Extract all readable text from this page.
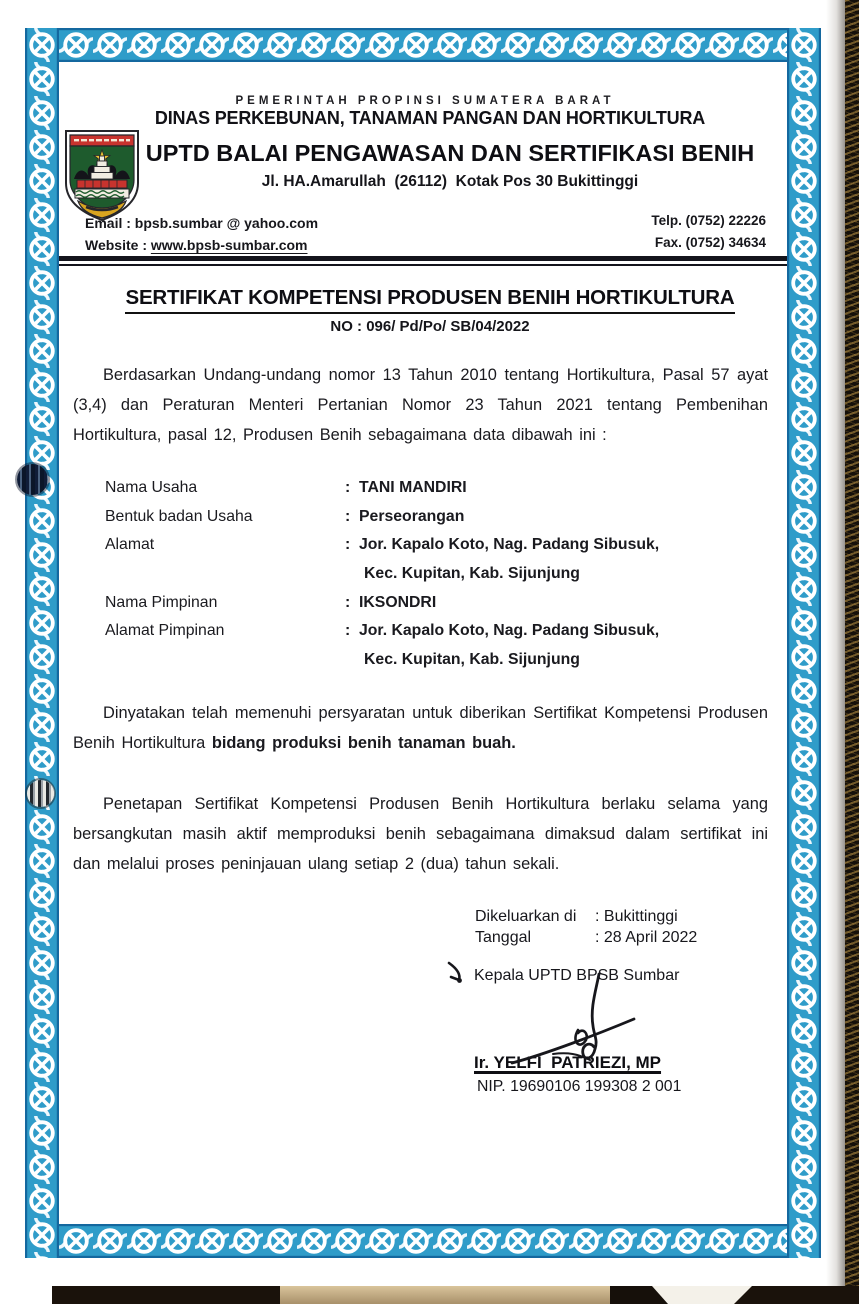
PEMERINTAH PROPINSI SUMATERA BARAT
DINAS PERKEBUNAN, TANAMAN PANGAN DAN HORTIKULTURA
UPTD BALAI PENGAWASAN DAN SERTIFIKASI BENIH
Jl. HA.Amarullah  (26112)  Kotak Pos 30 Bukittinggi
Email : bpsb.sumbar @ yahoo.com
Website : www.bpsb-sumbar.com
Telp. (0752) 22226
Fax. (0752) 34634
SERTIFIKAT KOMPETENSI PRODUSEN BENIH HORTIKULTURA
NO : 096/ Pd/Po/ SB/04/2022
Berdasarkan Undang-undang nomor 13 Tahun 2010 tentang Hortikultura, Pasal 57 ayat (3,4) dan Peraturan Menteri Pertanian Nomor 23 Tahun 2021 tentang Pembenihan Hortikultura, pasal 12, Produsen Benih sebagaimana data dibawah ini :
Nama Usaha	: TANI MANDIRI
Bentuk badan Usaha	: Perseorangan
Alamat	: Jor. Kapalo Koto, Nag. Padang Sibusuk,
Kec. Kupitan, Kab. Sijunjung
Nama Pimpinan	: IKSONDRI
Alamat Pimpinan	: Jor. Kapalo Koto, Nag. Padang Sibusuk,
Kec. Kupitan, Kab. Sijunjung
Dinyatakan telah memenuhi persyaratan untuk diberikan Sertifikat Kompetensi Produsen Benih Hortikultura bidang produksi benih tanaman buah.
Penetapan Sertifikat Kompetensi Produsen Benih Hortikultura berlaku selama yang bersangkutan masih aktif memproduksi benih sebagaimana dimaksud dalam sertifikat ini dan melalui proses peninjauan ulang setiap 2 (dua) tahun sekali.
Dikeluarkan di	: Bukittinggi
Tanggal	: 28 April 2022
Kepala UPTD BPSB Sumbar
Ir. YELFI  PATRIEZI, MP
NIP. 19690106 199308 2 001
